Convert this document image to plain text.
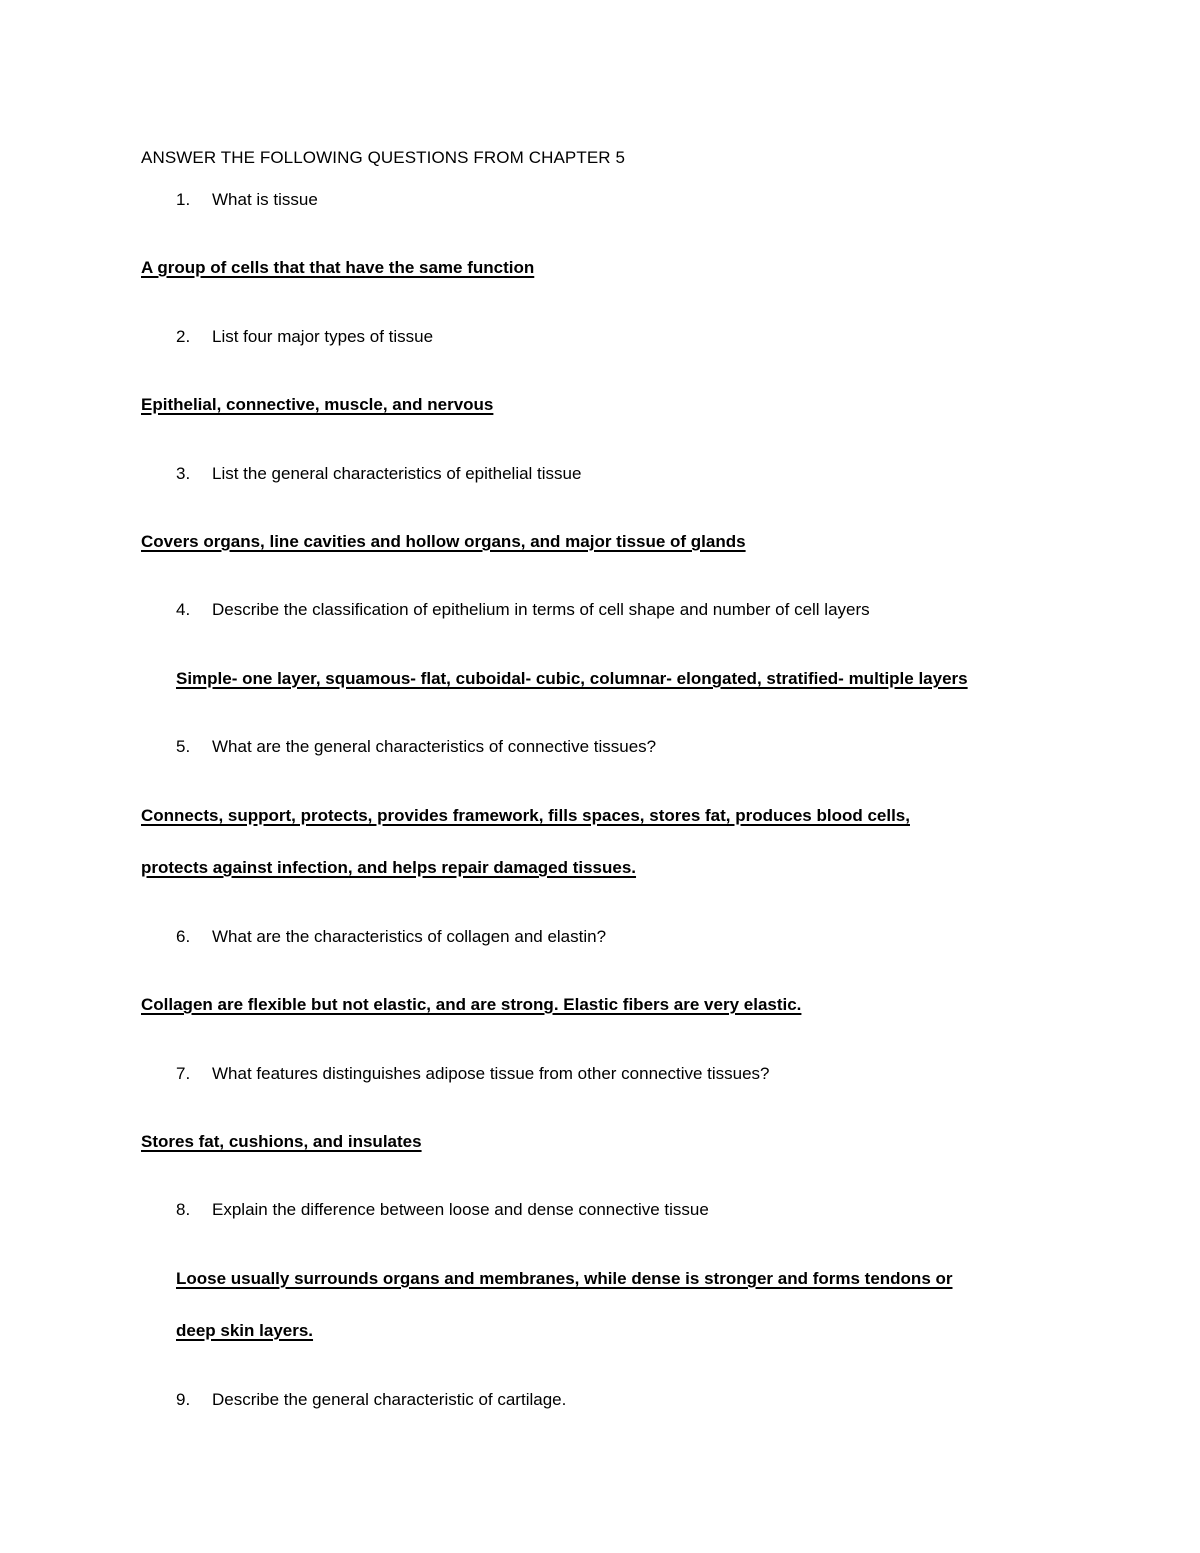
ANSWER THE FOLLOWING QUESTIONS FROM CHAPTER 5
1. What is tissue
A group of cells that that have the same function
2. List four major types of tissue
Epithelial, connective, muscle, and nervous
3. List the general characteristics of epithelial tissue
Covers organs, line cavities and hollow organs, and major tissue of glands
4. Describe the classification of epithelium in terms of cell shape and number of cell layers
Simple- one layer, squamous- flat, cuboidal- cubic, columnar- elongated, stratified- multiple layers
5. What are the general characteristics of connective tissues?
Connects, support, protects, provides framework, fills spaces, stores fat, produces blood cells,
protects against infection, and helps repair damaged tissues.
6. What are the characteristics of collagen and elastin?
Collagen are flexible but not elastic, and are strong. Elastic fibers are very elastic.
7. What features distinguishes adipose tissue from other connective tissues?
Stores fat, cushions, and insulates
8. Explain the difference between loose and dense connective tissue
Loose usually surrounds organs and membranes, while dense is stronger and forms tendons or
deep skin layers.
9. Describe the general characteristic of cartilage.
